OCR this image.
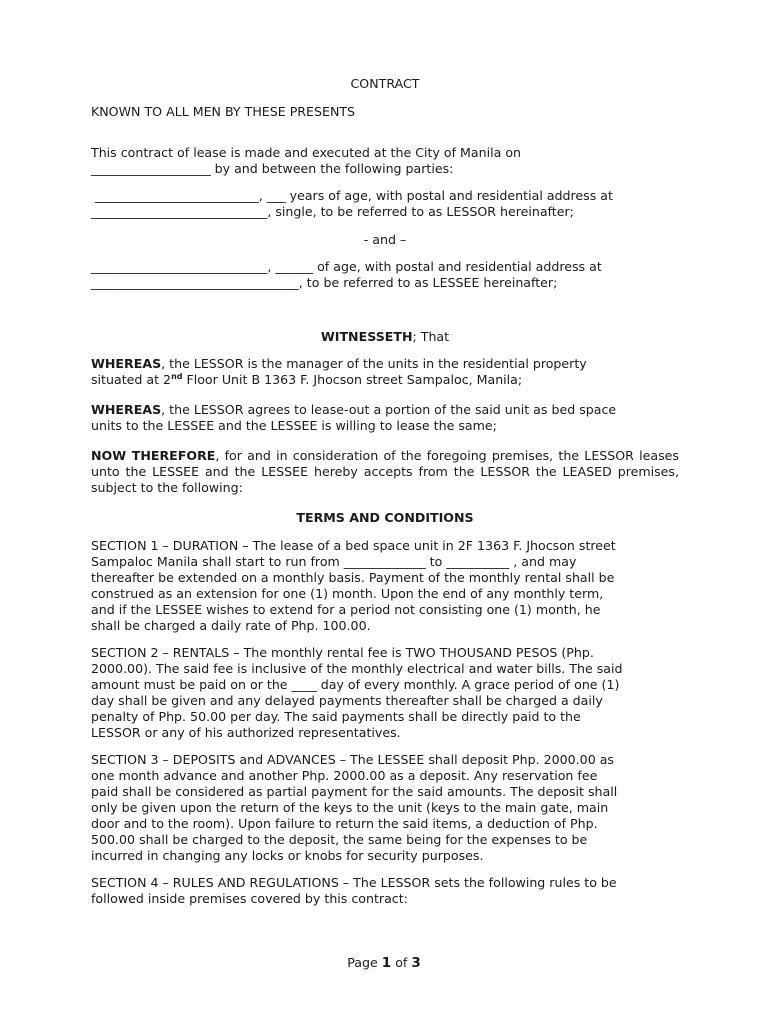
CONTRACT

KNOWN TO ALL MEN BY THESE PRESENTS

This contract of lease is made and executed at the City of Manila on

___________________ by and between the following parties:

__________________________, ___ years of age, with postal and residential address at

____________________________, single, to be referred to as LESSOR hereinafter;

- and –

____________________________, ______ of age, with postal and residential address at

_________________________________, to be referred to as LESSEE hereinafter;

WITNESSETH; That

WHEREAS, the LESSOR is the manager of the units in the residential property

situated at 2nd Floor Unit B 1363 F. Jhocson street Sampaloc, Manila;

WHEREAS, the LESSOR agrees to lease-out a portion of the said unit as bed space

units to the LESSEE and the LESSEE is willing to lease the same;

NOW THEREFORE, for and in consideration of the foregoing premises, the LESSOR leases unto the LESSEE and the LESSEE hereby accepts from the LESSOR the LEASED premises, subject to the following:

TERMS AND CONDITIONS

SECTION 1 – DURATION – The lease of a bed space unit in 2F 1363 F. Jhocson street

Sampaloc Manila shall start to run from _____________ to __________ , and may

thereafter be extended on a monthly basis. Payment of the monthly rental shall be

construed as an extension for one (1) month. Upon the end of any monthly term,

and if the LESSEE wishes to extend for a period not consisting one (1) month, he

shall be charged a daily rate of Php. 100.00.

SECTION 2 – RENTALS – The monthly rental fee is TWO THOUSAND PESOS (Php.

2000.00). The said fee is inclusive of the monthly electrical and water bills. The said

amount must be paid on or the ____ day of every monthly. A grace period of one (1)

day shall be given and any delayed payments thereafter shall be charged a daily

penalty of Php. 50.00 per day. The said payments shall be directly paid to the

LESSOR or any of his authorized representatives.

SECTION 3 – DEPOSITS and ADVANCES – The LESSEE shall deposit Php. 2000.00 as

one month advance and another Php. 2000.00 as a deposit. Any reservation fee

paid shall be considered as partial payment for the said amounts. The deposit shall

only be given upon the return of the keys to the unit (keys to the main gate, main

door and to the room). Upon failure to return the said items, a deduction of Php.

500.00 shall be charged to the deposit, the same being for the expenses to be

incurred in changing any locks or knobs for security purposes.

SECTION 4 – RULES AND REGULATIONS – The LESSOR sets the following rules to be

followed inside premises covered by this contract:

Page 1 of 3
